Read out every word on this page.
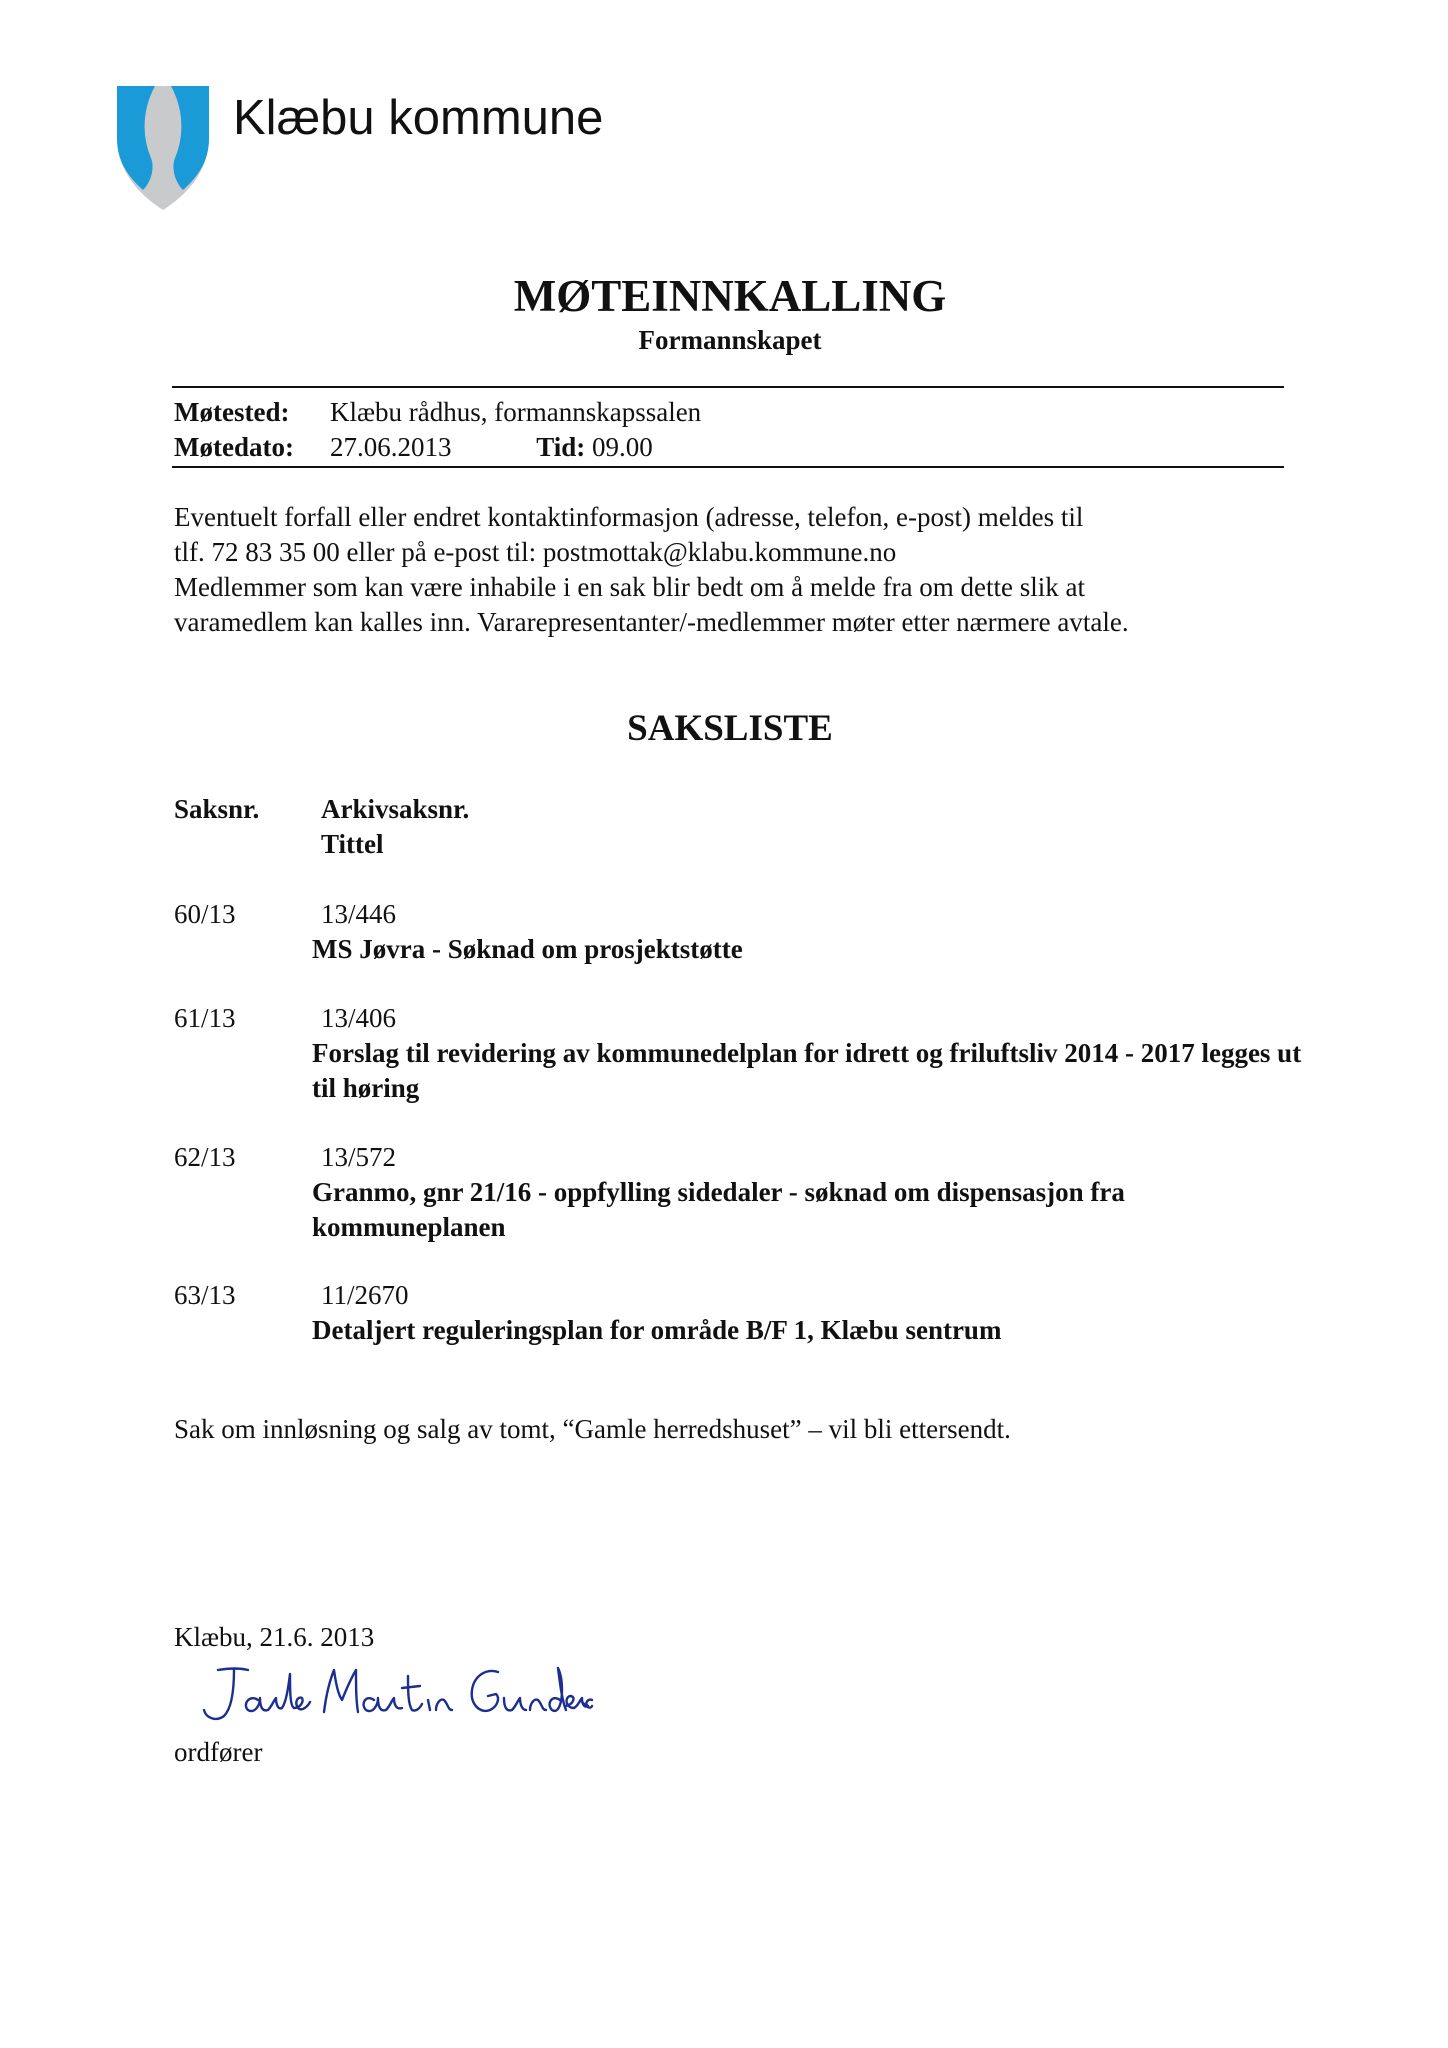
Klæbu kommune
MØTEINNKALLING
Formannskapet
Møtested: Klæbu rådhus, formannskapssalen
Møtedato: 27.06.2013	Tid: 09.00
Eventuelt forfall eller endret kontaktinformasjon (adresse, telefon, e-post) meldes til
tlf. 72 83 35 00 eller på e-post til: postmottak@klabu.kommune.no
Medlemmer som kan være inhabile i en sak blir bedt om å melde fra om dette slik at
varamedlem kan kalles inn. Vararepresentanter/-medlemmer møter etter nærmere avtale.
SAKSLISTE
Saksnr. Arkivsaksnr.
Tittel
60/13	13/446
MS Jøvra - Søknad om prosjektstøtte
61/13	13/406
Forslag til revidering av kommunedelplan for idrett og friluftsliv 2014 - 2017 legges ut til høring
62/13	13/572
Granmo, gnr 21/16 - oppfylling sidedaler - søknad om dispensasjon fra kommuneplanen
63/13	11/2670
Detaljert reguleringsplan for område B/F 1, Klæbu sentrum
Sak om innløsning og salg av tomt, “Gamle herredshuset” – vil bli ettersendt.
Klæbu, 21.6. 2013
ordfører
